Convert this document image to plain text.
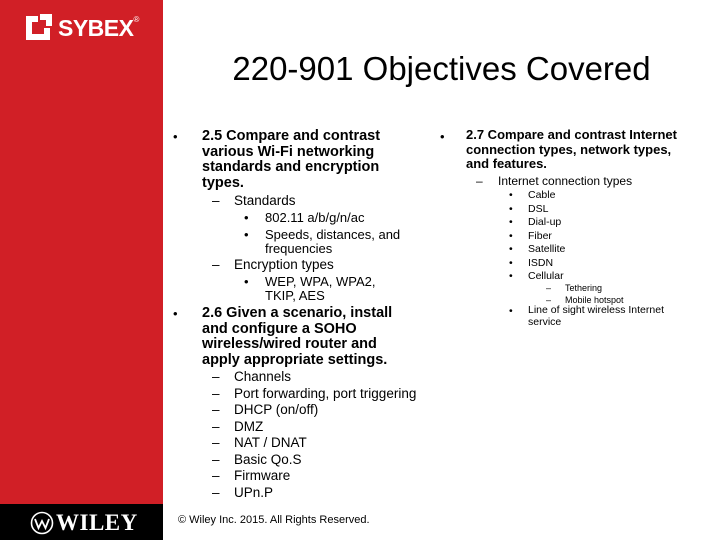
SYBEX®
WILEY
220-901 Objectives Covered
• 2.5 Compare and contrast various Wi-Fi networking standards and encryption types.
– Standards
• 802.11 a/b/g/n/ac
• Speeds, distances, and frequencies
– Encryption types
• WEP, WPA, WPA2, TKIP, AES
• 2.6 Given a scenario, install and configure a SOHO wireless/wired router and apply appropriate settings.
– Channels
– Port forwarding, port triggering
– DHCP (on/off)
– DMZ
– NAT / DNAT
– Basic Qo.S
– Firmware
– UPn.P
• 2.7 Compare and contrast Internet connection types, network types, and features.
– Internet connection types
• Cable
• DSL
• Dial-up
• Fiber
• Satellite
• ISDN
• Cellular
– Tethering
– Mobile hotspot
• Line of sight wireless Internet service
© Wiley Inc. 2015. All Rights Reserved.
